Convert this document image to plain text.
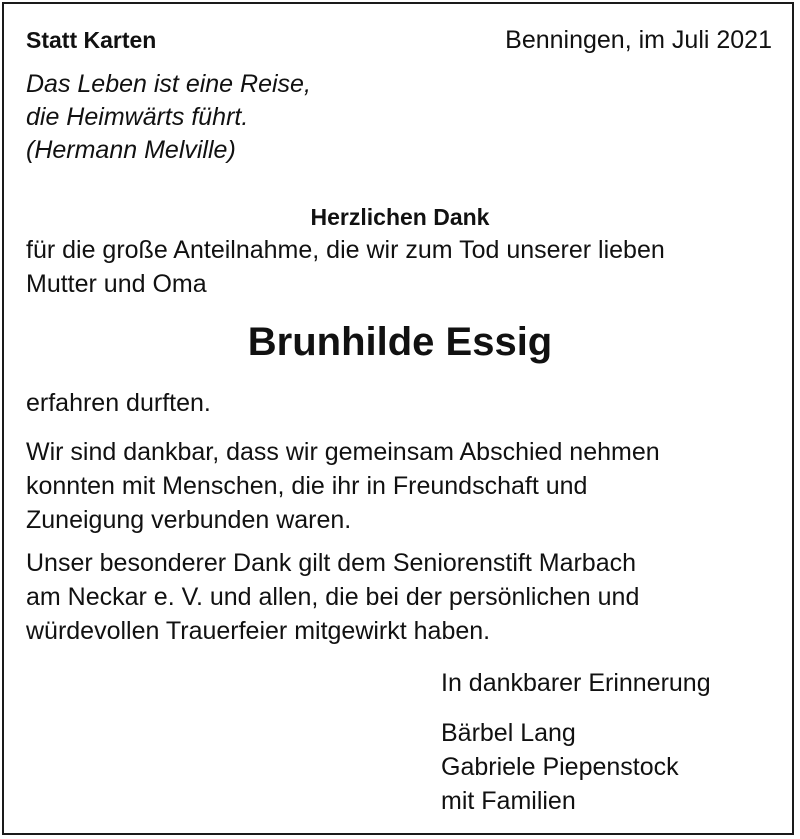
Statt Karten	Benningen, im Juli 2021
Das Leben ist eine Reise,
die Heimwärts führt.
(Hermann Melville)
Herzlichen Dank
für die große Anteilnahme, die wir zum Tod unserer lieben
Mutter und Oma
Brunhilde Essig
erfahren durften.
Wir sind dankbar, dass wir gemeinsam Abschied nehmen
konnten mit Menschen, die ihr in Freundschaft und
Zuneigung verbunden waren.
Unser besonderer Dank gilt dem Seniorenstift Marbach
am Neckar e. V. und allen, die bei der persönlichen und
würdevollen Trauerfeier mitgewirkt haben.
In dankbarer Erinnerung
Bärbel Lang
Gabriele Piepenstock
mit Familien
